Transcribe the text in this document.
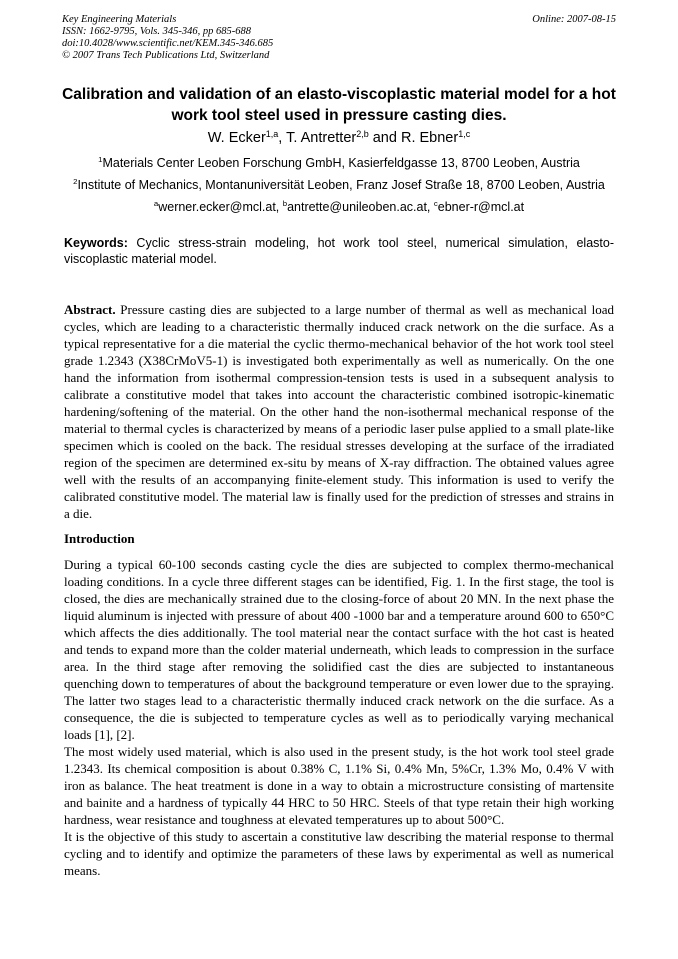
Key Engineering Materials
ISSN: 1662-9795, Vols. 345-346, pp 685-688
doi:10.4028/www.scientific.net/KEM.345-346.685
© 2007 Trans Tech Publications Ltd, Switzerland
Online: 2007-08-15
Calibration and validation of an elasto-viscoplastic material model for a hot work tool steel used in pressure casting dies.
W. Ecker$^{1,a}$, T. Antretter$^{2,b}$ and R. Ebner$^{1,c}$
$^1$Materials Center Leoben Forschung GmbH, Kasierfeldgasse 13, 8700 Leoben, Austria
$^2$Institute of Mechanics, Montanuniversität Leoben, Franz Josef Straße 18, 8700 Leoben, Austria
$^a$werner.ecker@mcl.at, $^b$antrette@unileoben.ac.at, $^c$ebner-r@mcl.at
Keywords: Cyclic stress-strain modeling, hot work tool steel, numerical simulation, elasto-viscoplastic material model.
Abstract. Pressure casting dies are subjected to a large number of thermal as well as mechanical load cycles, which are leading to a characteristic thermally induced crack network on the die surface. As a typical representative for a die material the cyclic thermo-mechanical behavior of the hot work tool steel grade 1.2343 (X38CrMoV5-1) is investigated both experimentally as well as numerically. On the one hand the information from isothermal compression-tension tests is used in a subsequent analysis to calibrate a constitutive model that takes into account the characteristic combined isotropic-kinematic hardening/softening of the material. On the other hand the non-isothermal mechanical response of the material to thermal cycles is characterized by means of a periodic laser pulse applied to a small plate-like specimen which is cooled on the back. The residual stresses developing at the surface of the irradiated region of the specimen are determined ex-situ by means of X-ray diffraction. The obtained values agree well with the results of an accompanying finite-element study. This information is used to verify the calibrated constitutive model. The material law is finally used for the prediction of stresses and strains in a die.
Introduction

During a typical 60-100 seconds casting cycle the dies are subjected to complex thermo-mechanical loading conditions. In a cycle three different stages can be identified, Fig. 1. In the first stage, the tool is closed, the dies are mechanically strained due to the closing-force of about 20 MN. In the next phase the liquid aluminum is injected with pressure of about 400 -1000 bar and a temperature around 600 to 650°C which affects the dies additionally. The tool material near the contact surface with the hot cast is heated and tends to expand more than the colder material underneath, which leads to compression in the surface area. In the third stage after removing the solidified cast the dies are subjected to instantaneous quenching down to temperatures of about the background temperature or even lower due to the spraying. The latter two stages lead to a characteristic thermally induced crack network on the die surface. As a consequence, the die is subjected to temperature cycles as well as to periodically varying mechanical loads [1], [2].

The most widely used material, which is also used in the present study, is the hot work tool steel grade 1.2343. Its chemical composition is about 0.38% C, 1.1% Si, 0.4% Mn, 5%Cr, 1.3% Mo, 0.4% V with iron as balance. The heat treatment is done in a way to obtain a microstructure consisting of martensite and bainite and a hardness of typically 44 HRC to 50 HRC. Steels of that type retain their high working hardness, wear resistance and toughness at elevated temperatures up to about 500°C.

It is the objective of this study to ascertain a constitutive law describing the material response to thermal cycling and to identify and optimize the parameters of these laws by experimental as well as numerical means.
